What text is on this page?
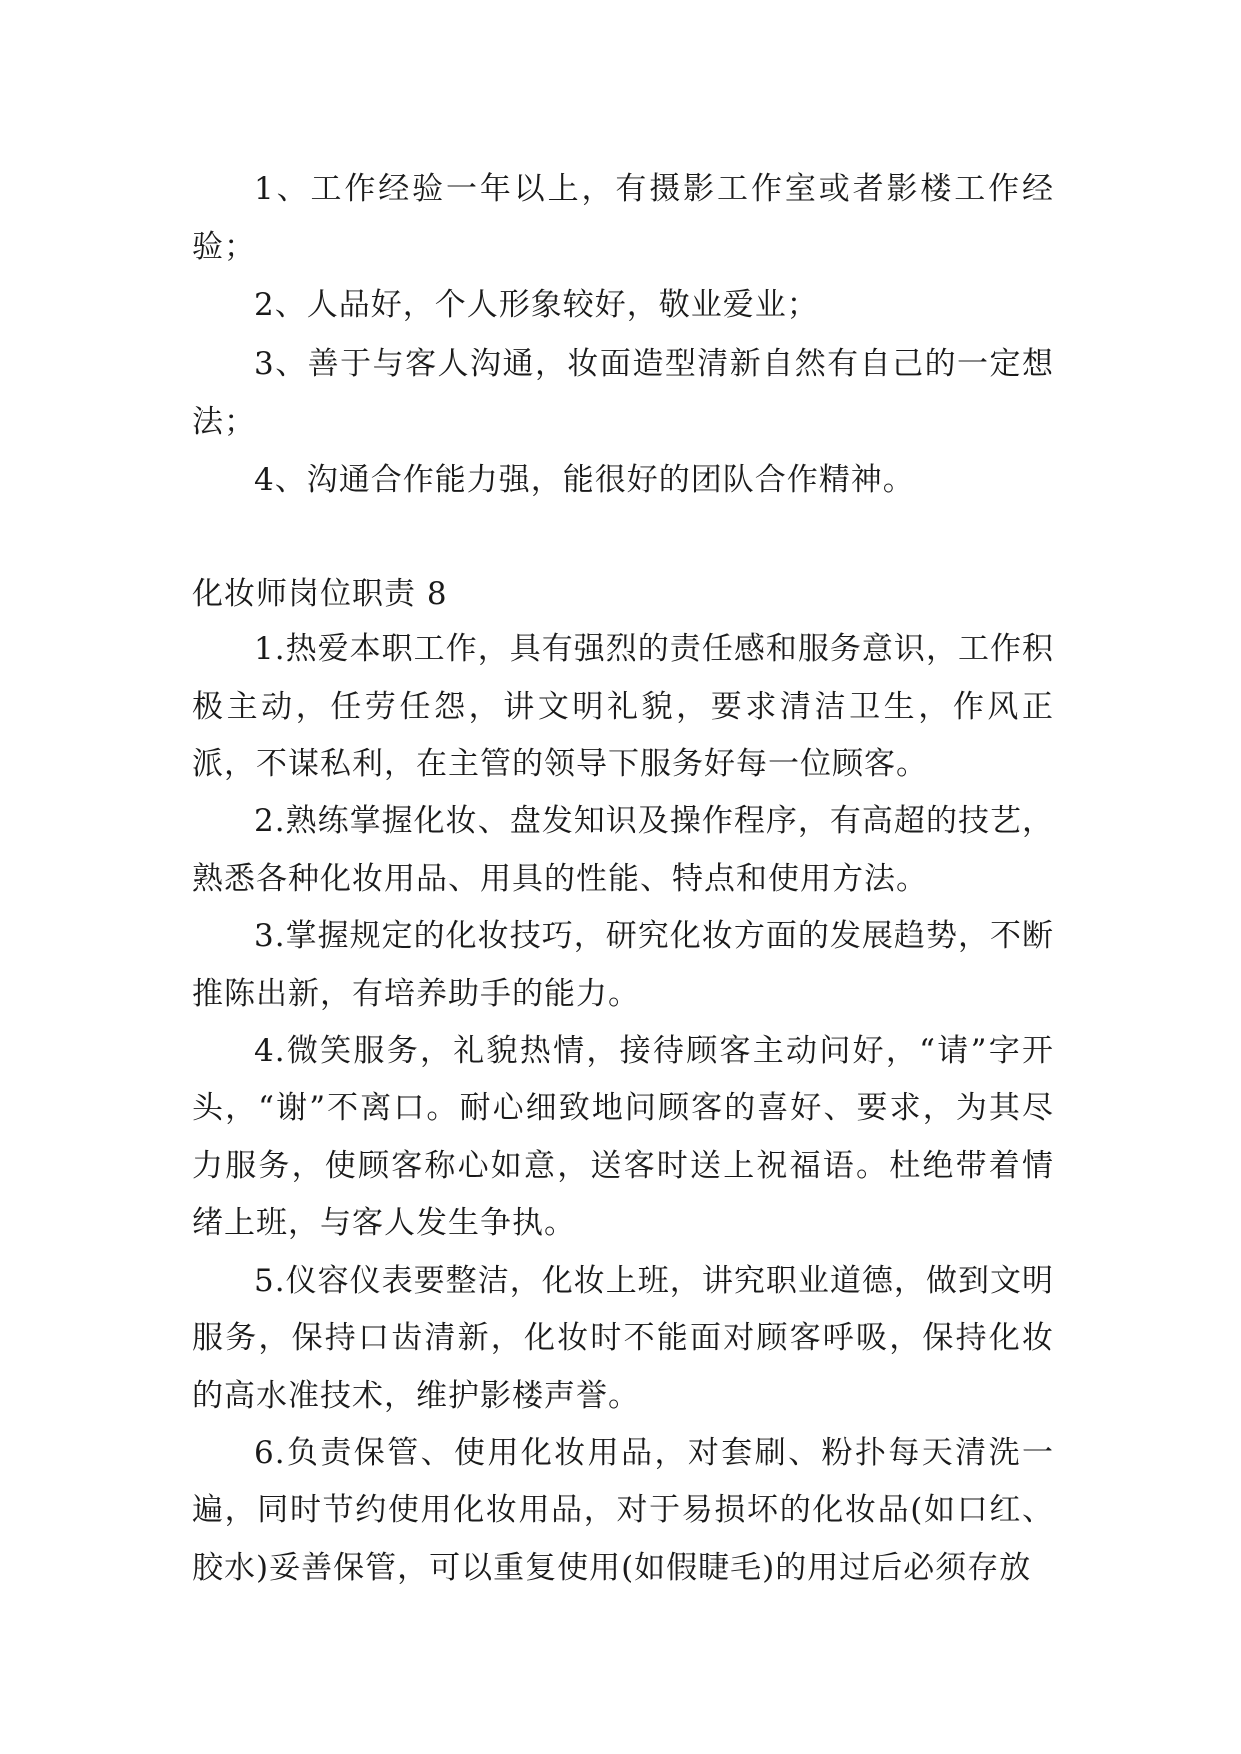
1、工作经验一年以上，有摄影工作室或者影楼工作经验；

2、人品好，个人形象较好，敬业爱业；

3、善于与客人沟通，妆面造型清新自然有自己的一定想法；

4、沟通合作能力强，能很好的团队合作精神。

化妆师岗位职责 8

1.热爱本职工作，具有强烈的责任感和服务意识，工作积极主动，任劳任怨，讲文明礼貌，要求清洁卫生，作风正派，不谋私利，在主管的领导下服务好每一位顾客。

2.熟练掌握化妆、盘发知识及操作程序，有高超的技艺，熟悉各种化妆用品、用具的性能、特点和使用方法。

3.掌握规定的化妆技巧，研究化妆方面的发展趋势，不断推陈出新，有培养助手的能力。

4.微笑服务，礼貌热情，接待顾客主动问好，“请”字开头，“谢”不离口。耐心细致地问顾客的喜好、要求，为其尽力服务，使顾客称心如意，送客时送上祝福语。杜绝带着情绪上班，与客人发生争执。

5.仪容仪表要整洁，化妆上班，讲究职业道德，做到文明服务，保持口齿清新，化妆时不能面对顾客呼吸，保持化妆的高水准技术，维护影楼声誉。

6.负责保管、使用化妆用品，对套刷、粉扑每天清洗一遍，同时节约使用化妆用品，对于易损坏的化妆品(如口红、胶水)妥善保管，可以重复使用(如假睫毛)的用过后必须存放
